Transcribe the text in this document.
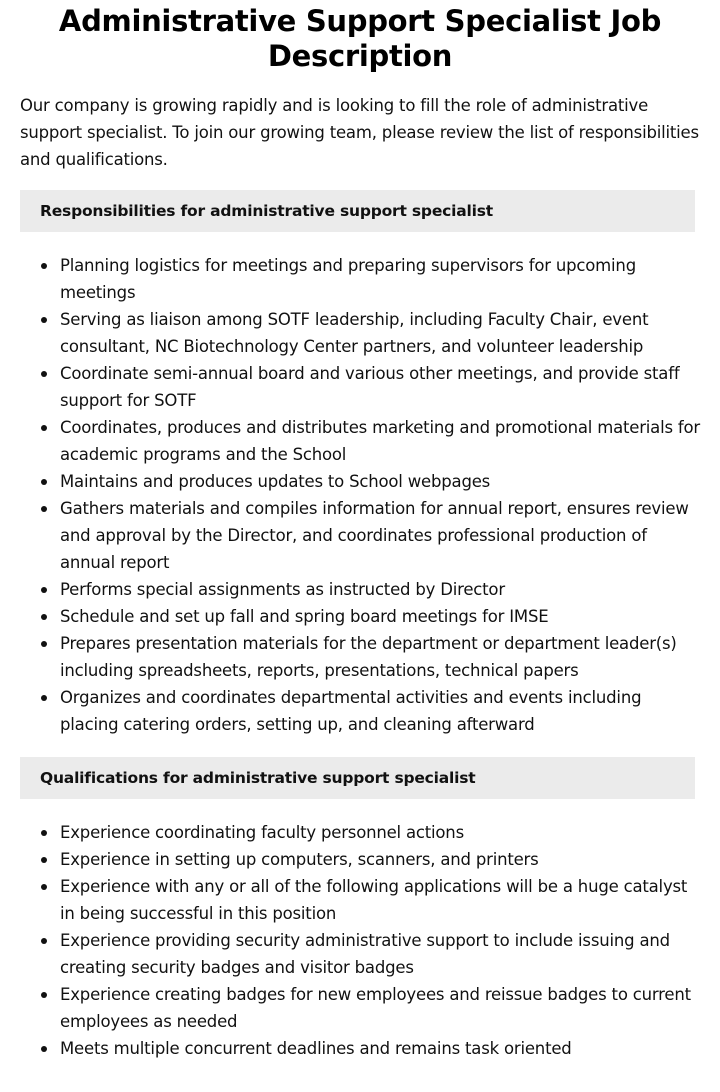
Administrative Support Specialist Job Description

Our company is growing rapidly and is looking to fill the role of administrative support specialist. To join our growing team, please review the list of responsibilities and qualifications.

Responsibilities for administrative support specialist
Planning logistics for meetings and preparing supervisors for upcoming meetings
Serving as liaison among SOTF leadership, including Faculty Chair, event consultant, NC Biotechnology Center partners, and volunteer leadership
Coordinate semi-annual board and various other meetings, and provide staff support for SOTF
Coordinates, produces and distributes marketing and promotional materials for academic programs and the School
Maintains and produces updates to School webpages
Gathers materials and compiles information for annual report, ensures review and approval by the Director, and coordinates professional production of annual report
Performs special assignments as instructed by Director
Schedule and set up fall and spring board meetings for IMSE
Prepares presentation materials for the department or department leader(s) including spreadsheets, reports, presentations, technical papers
Organizes and coordinates departmental activities and events including placing catering orders, setting up, and cleaning afterward
Qualifications for administrative support specialist
Experience coordinating faculty personnel actions
Experience in setting up computers, scanners, and printers
Experience with any or all of the following applications will be a huge catalyst in being successful in this position
Experience providing security administrative support to include issuing and creating security badges and visitor badges
Experience creating badges for new employees and reissue badges to current employees as needed
Meets multiple concurrent deadlines and remains task oriented
